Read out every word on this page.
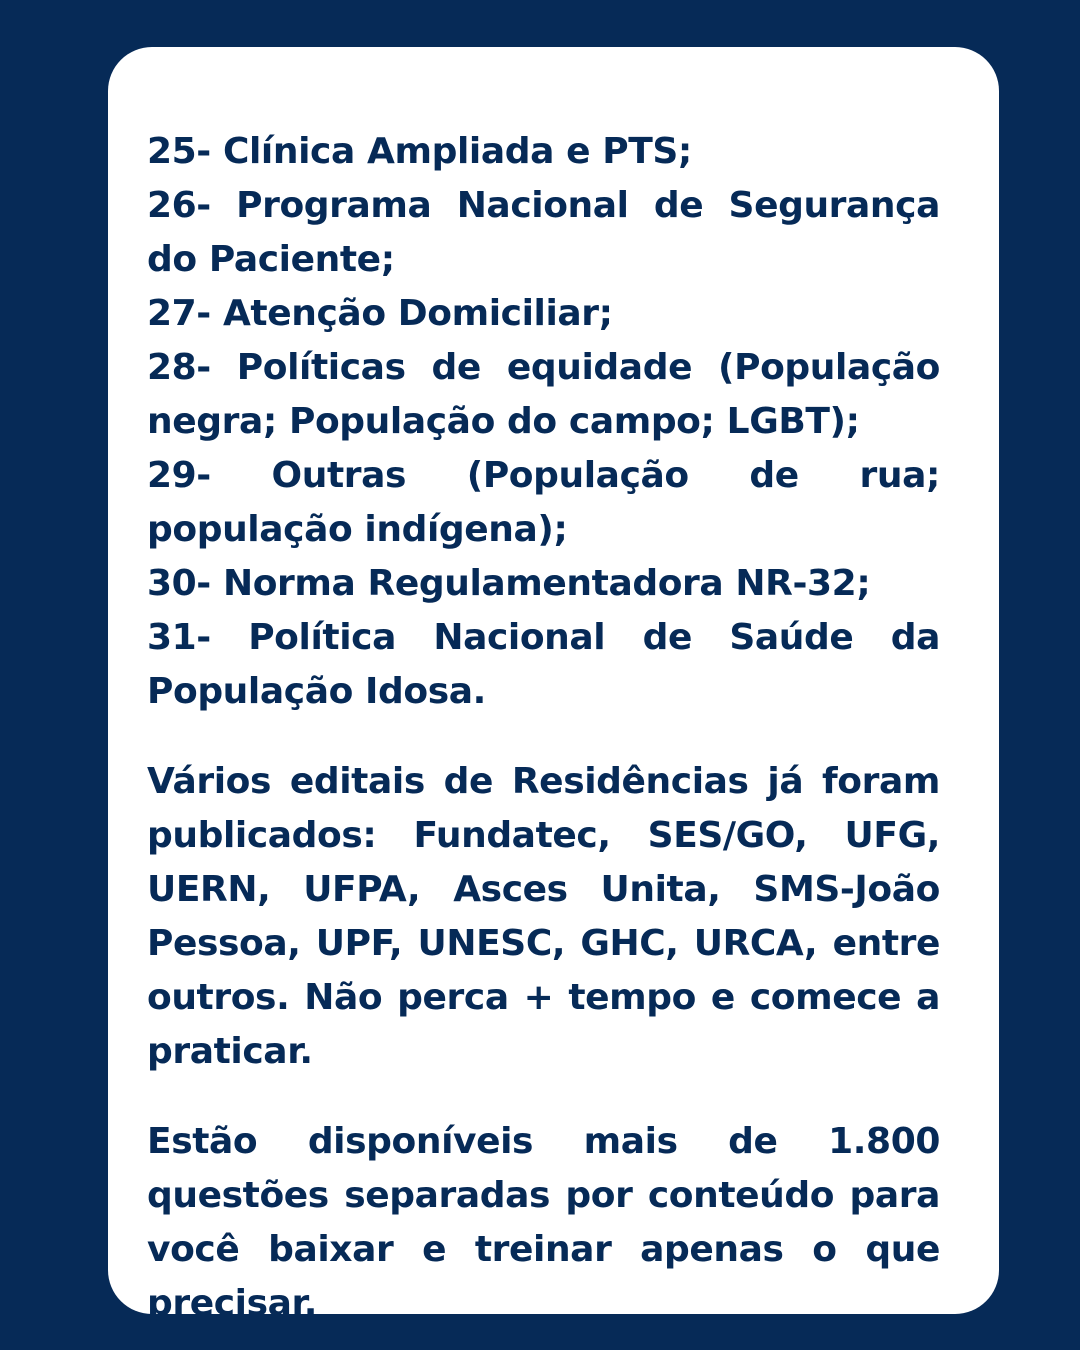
25- Clínica Ampliada e PTS;

26- Programa Nacional de Segurança do Paciente;

27- Atenção Domiciliar;

28- Políticas de equidade (População negra; População do campo; LGBT);

29- Outras (População de rua; população indígena);

30- Norma Regulamentadora NR-32;

31- Política Nacional de Saúde da População Idosa.

Vários editais de Residências já foram publicados: Fundatec, SES/GO, UFG, UERN, UFPA, Asces Unita, SMS-João Pessoa, UPF, UNESC, GHC, URCA, entre outros. Não perca + tempo e comece a praticar.

Estão disponíveis mais de 1.800 questões separadas por conteúdo para você baixar e treinar apenas o que precisar.
